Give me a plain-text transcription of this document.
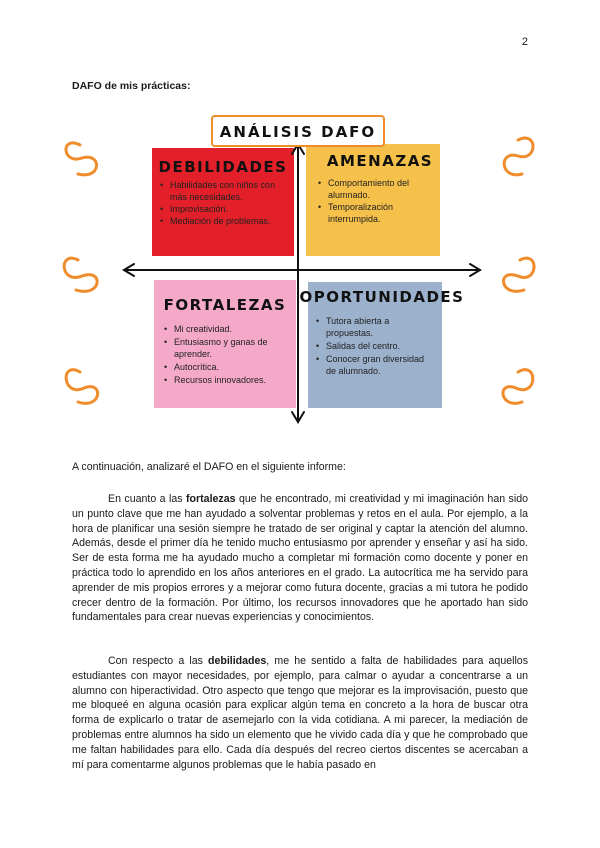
2
DAFO de mis prácticas:
ANÁLISIS DAFO
DEBILIDADES	AMENAZAS
FORTALEZAS OPORTUNIDADES
• Habilidades con niños con
más necesidades.
• Improvisación.
• Mediación de problemas.
• Comportamiento del
alumnado.
• Temporalización
interrumpida.
• Mi creatividad.
• Entusiasmo y ganas de
aprender.
• Autocrítica.
• Recursos innovadores.
• Tutora abierta a
propuestas.
• Salidas del centro.
• Conocer gran diversidad
de alumnado.
A continuación, analizaré el DAFO en el siguiente informe:

En cuanto a las fortalezas que he encontrado, mi creatividad y mi imaginación han sido un punto clave que me han ayudado a solventar problemas y retos en el aula. Por ejemplo, a la hora de planificar una sesión siempre he tratado de ser original y captar la atención del alumno. Además, desde el primer día he tenido mucho entusiasmo por aprender y enseñar y así ha sido. Ser de esta forma me ha ayudado mucho a completar mi formación como docente y poner en práctica todo lo aprendido en los años anteriores en el grado. La autocrítica me ha servido para aprender de mis propios errores y a mejorar como futura docente, gracias a mi tutora he podido crecer dentro de la formación. Por último, los recursos innovadores que he aportado han sido fundamentales para crear nuevas experiencias y conocimientos.

Con respecto a las debilidades, me he sentido a falta de habilidades para aquellos estudiantes con mayor necesidades, por ejemplo, para calmar o ayudar a concentrarse a un alumno con hiperactividad. Otro aspecto que tengo que mejorar es la improvisación, puesto que me bloqueé en alguna ocasión para explicar algún tema en concreto a la hora de buscar otra forma de explicarlo o tratar de asemejarlo con la vida cotidiana. A mi parecer, la mediación de problemas entre alumnos ha sido un elemento que he vivido cada día y que he comprobado que me faltan habilidades para ello. Cada día después del recreo ciertos discentes se acercaban a mí para comentarme algunos problemas que le había pasado en
